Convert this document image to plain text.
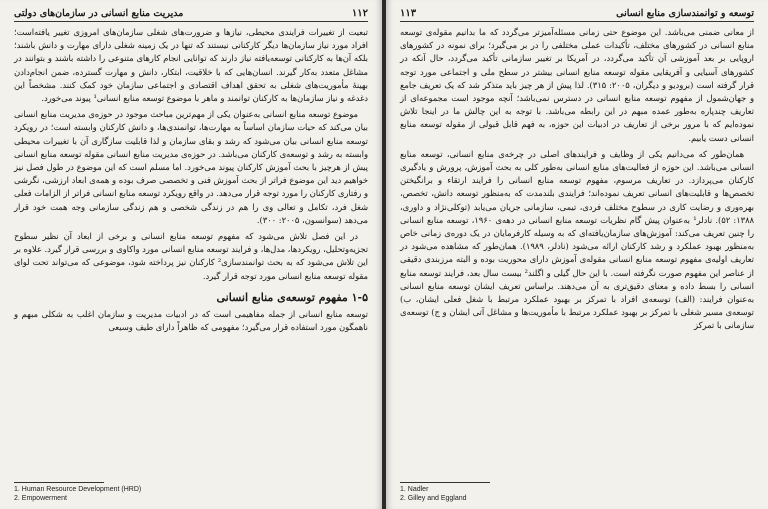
۱۱۲
مدیریت منابع انسانی در سازمان‌های دولتی

تبعیت از تغییرات فرایندی محیطی، نیازها و ضرورت‌های شغلی سازمان‌های امروزی تغییر یافته‌است؛ افراد مورد نیاز سازمان‌ها دیگر کارکنانی نیستند که تنها در یک زمینه شغلی دارای مهارت و دانش باشند؛ بلکه آن‌ها به کارکنانی توسعه‌یافته نیاز دارند که توانایی انجام کارهای متنوعی را داشته باشند و بتوانند در مشاغل متعدد به‌کار گیرند. انسان‌هایی که با خلاقیت، ابتکار، دانش و مهارت گسترده، ضمن انجام‌دادن بهینهٔ مأموریت‌های شغلی به تحقق اهداف اقتصادی و اجتماعی سازمان خود کمک کنند. مشخصاً این دغدغه و نیاز سازمان‌ها به کارکنان توانمند و ماهر با موضوع توسعه منابع انسانی¹ پیوند می‌خورد.

موضوع توسعه منابع انسانی به‌عنوان یکی از مهم‌ترین مباحث موجود در حوزه‌ی مدیریت منابع انسانی بیان می‌کند که حیات سازمان اساساً به مهارت‌ها، توانمندی‌ها، و دانش کارکنان وابسته است؛ در رویکرد توسعه منابع انسانی بیان می‌شود که رشد و بقای سازمان و لذا قابلیت سازگاری آن با تغییرات محیطی وابسته به رشد و توسعه‌ی کارکنان می‌باشد. در حوزه‌ی مدیریت منابع انسانی مقوله توسعه منابع انسانی پیش از هرچیز با بحث آموزش کارکنان پیوند می‌خورد. اما مسلم است که این موضوع در طول فصل نیز خواهیم دید این موضوع فراتر از بحث آموزش فنی و تخصصی صرف بوده و همه‌ی ابعاد ارزشی، نگرشی و رفتاری کارکنان را مورد توجه قرار می‌دهد. در واقع رویکرد توسعه منابع انسانی فراتر از الزامات فعلی شغل فرد، تکامل و تعالی وی را هم در زندگی شخصی و هم زندگی سازمانی وجه همت خود قرار می‌دهد (سوانسون، ۲۰۰۵: ۳۰۰).

در این فصل تلاش می‌شود که مفهوم توسعه منابع انسانی و برخی از ابعاد آن نظیر سطوح تجزیه‌وتحلیل، رویکردها، مدل‌ها، و فرایند توسعه منابع انسانی مورد واکاوی و بررسی قرار گیرد. علاوه بر این تلاش می‌شود که به بحث توانمندسازی² کارکنان نیز پرداخته شود، موضوعی که می‌تواند تحت لوای مقوله توسعه منابع انسانی مورد توجه قرار گیرد.

۱-۵ مفهوم توسعه‌ی منابع انسانی

توسعه منابع انسانی از جمله مفاهیمی است که در ادبیات مدیریت و سازمان اغلب به شکلی مبهم و ناهمگون مورد استفاده قرار می‌گیرد؛ مفهومی که ظاهراً دارای طیف وسیعی

1. Human Resource Development (HRD)
2. Empowerment
توسعه و توانمندسازی منابع انسانی
۱۱۳

از معانی ضمنی می‌باشد. این موضوع حتی زمانی مسئله‌آمیزتر می‌گردد که ما بدانیم مقوله‌ی توسعه منابع انسانی در کشورهای مختلف، تأکیدات عملی مختلفی را در بر می‌گیرد؛ برای نمونه در کشورهای اروپایی بر بعد آموزشی آن تأکید می‌گردد، در آمریکا بر تغییر سازمانی تأکید می‌گردد، حال آنکه در کشورهای آسیایی و آفریقایی مقوله توسعه منابع انسانی بیشتر در سطح ملی و اجتماعی مورد توجه قرار گرفته است (برودیو و دیگران، ۲۰۰۵: ۳۱۵). لذا پیش از هر چیز باید متذکر شد که یک تعریف جامع و جهان‌شمول از مفهوم توسعه منابع انسانی در دسترس نمی‌باشد؛ آنچه موجود است مجموعه‌ای از تعاریف چندپاره به‌طور عمده مبهم در این رابطه می‌باشد. با توجه به این چالش ما در اینجا تلاش نموده‌ایم که با مرور برخی از تعاریف در ادبیات این حوزه، به فهم قابل قبولی از مقوله توسعه منابع انسانی دست یابیم.

همان‌طور که می‌دانیم یکی از وظایف و فرایندهای اصلی در چرخه‌ی منابع انسانی، توسعه منابع انسانی می‌باشد. این حوزه از فعالیت‌های منابع انسانی به‌طور کلی به بحث آموزش، پرورش و یادگیری کارکنان می‌پردازد. در تعاریف مرسوم، مفهوم توسعه منابع انسانی را فرایند ارتقاء و برانگیختن تخصص‌ها و قابلیت‌های انسانی تعریف نموده‌اند؛ فرایندی بلندمدت که به‌منظور توسعه دانش، تخصص، بهره‌وری و رضایت کاری در سطوح مختلف فردی، تیمی، سازمانی جریان می‌یابد (توکلی‌نژاد و داوری، ۱۳۸۸: ۵۲). نادلر¹ به‌عنوان پیش گام نظریات توسعه منابع انسانی در دهه‌ی ۱۹۶۰، توسعه منابع انسانی را چنین تعریف می‌کند: آموزش‌های سازمان‌یافته‌ای که به وسیله کارفرمایان در یک دوره‌ی زمانی خاص به‌منظور بهبود عملکرد و رشد کارکنان ارائه می‌شود (نادلر، ۱۹۸۹). همان‌طور که مشاهده می‌شود در تعاریف اولیه‌ی مفهوم توسعه منابع انسانی مقوله‌ی آموزش دارای محوریت بوده و البته مرزبندی دقیقی از عناصر این مفهوم صورت نگرفته است. با این حال گیلی و اگلند² بیست سال بعد، فرایند توسعه منابع انسانی را بسط داده و معنای دقیق‌تری به آن می‌دهند. براساس تعریف ایشان توسعه منابع انسانی به‌عنوان فرایند: (الف) توسعه‌ی افراد با تمرکز بر بهبود عملکرد مرتبط با شغل فعلی ایشان، ب) توسعه‌ی مسیر شغلی با تمرکز بر بهبود عملکرد مرتبط با مأموریت‌ها و مشاغل آتی ایشان و ج) توسعه‌ی سازمانی با تمرکز

1. Nadler
2. Gilley and Eggland
